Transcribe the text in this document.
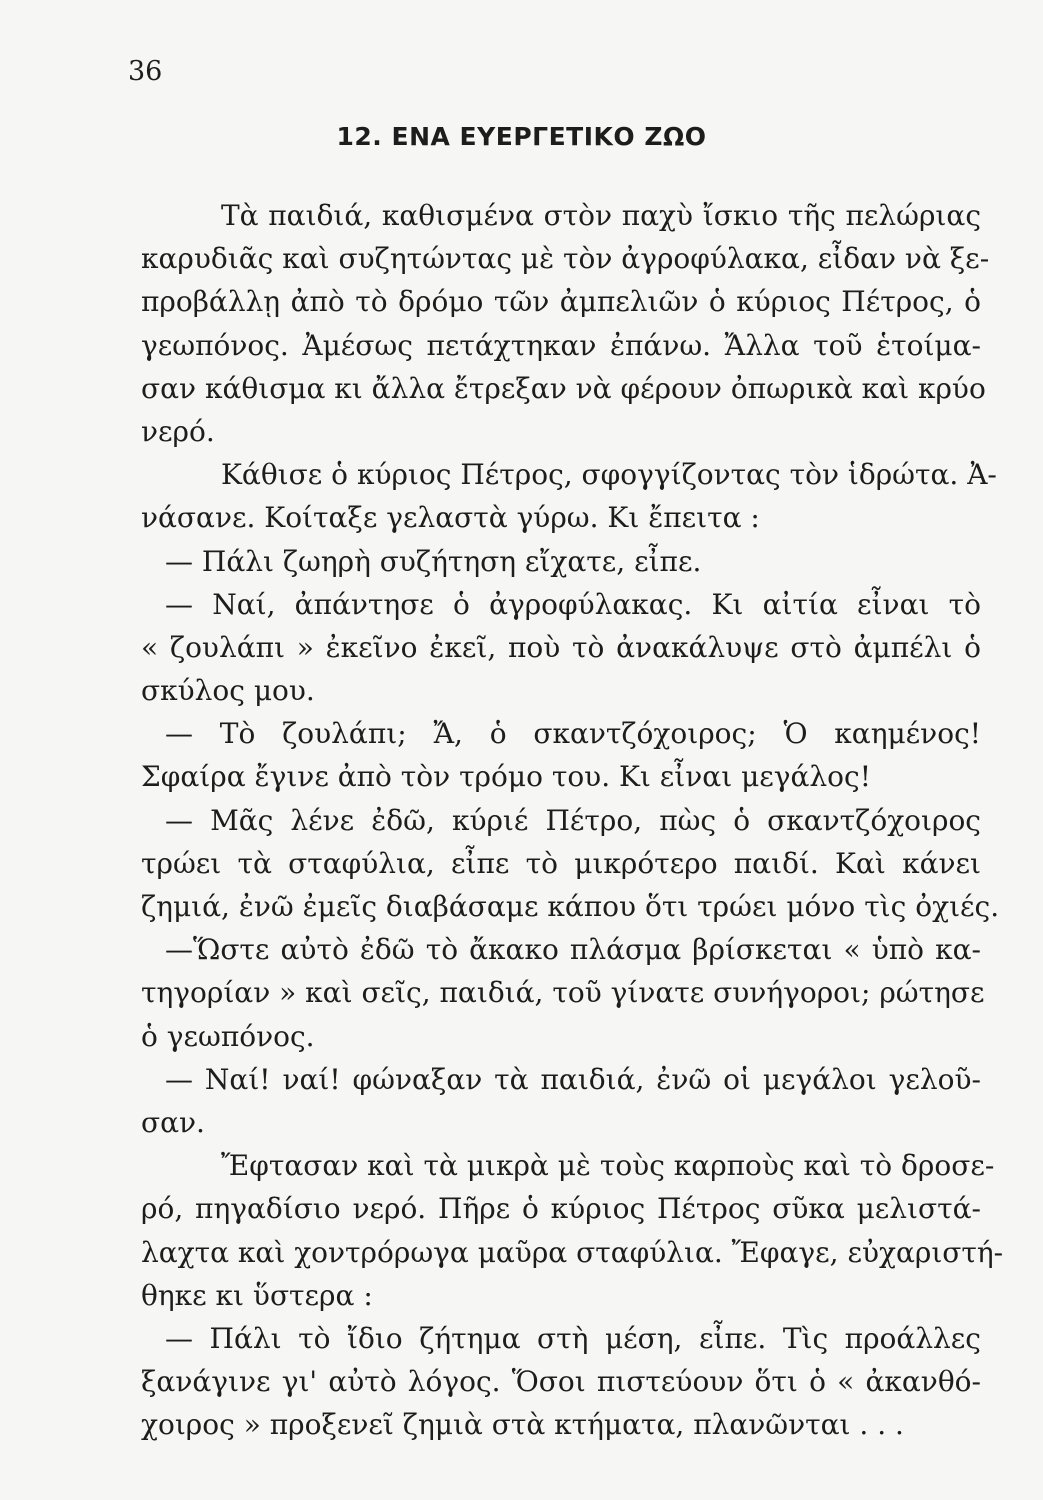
36
12. ΕΝΑ ΕΥΕΡΓΕΤΙΚΟ ΖΩΟ
Τὰ παιδιά, καθισμένα στὸν παχὺ ἴσκιο τῆς πελώριας
καρυδιᾶς καὶ συζητώντας μὲ τὸν ἀγροφύλακα, εἶδαν νὰ ξε-
προβάλλῃ ἀπὸ τὸ δρόμο τῶν ἀμπελιῶν ὁ κύριος Πέτρος, ὁ
γεωπόνος. Ἀμέσως πετάχτηκαν ἐπάνω. Ἄλλα τοῦ ἑτοίμα-
σαν κάθισμα κι ἄλλα ἔτρεξαν νὰ φέρουν ὀπωρικὰ καὶ κρύο
νερό.
Κάθισε ὁ κύριος Πέτρος, σφογγίζοντας τὸν ἱδρώτα. Ἀ-
νάσανε. Κοίταξε γελαστὰ γύρω. Κι ἔπειτα :
— Πάλι ζωηρὴ συζήτηση εἴχατε, εἶπε.
— Ναί, ἀπάντησε ὁ ἀγροφύλακας. Κι αἰτία εἶναι τὸ
« ζουλάπι » ἐκεῖνο ἐκεῖ, ποὺ τὸ ἀνακάλυψε στὸ ἀμπέλι ὁ
σκύλος μου.
— Τὸ ζουλάπι; Ἄ, ὁ σκαντζόχοιρος; Ὁ καημένος!
Σφαίρα ἔγινε ἀπὸ τὸν τρόμο του. Κι εἶναι μεγάλος!
— Μᾶς λένε ἐδῶ, κύριέ Πέτρο, πὼς ὁ σκαντζόχοιρος
τρώει τὰ σταφύλια, εἶπε τὸ μικρότερο παιδί. Καὶ κάνει
ζημιά, ἐνῶ ἐμεῖς διαβάσαμε κάπου ὅτι τρώει μόνο τὶς ὀχιές.
—Ὥστε αὐτὸ ἐδῶ τὸ ἄκακο πλάσμα βρίσκεται « ὑπὸ κα-
τηγορίαν » καὶ σεῖς, παιδιά, τοῦ γίνατε συνήγοροι; ρώτησε
ὁ γεωπόνος.
— Ναί! ναί! φώναξαν τὰ παιδιά, ἐνῶ οἱ μεγάλοι γελοῦ-
σαν.
Ἔφτασαν καὶ τὰ μικρὰ μὲ τοὺς καρποὺς καὶ τὸ δροσε-
ρό, πηγαδίσιο νερό. Πῆρε ὁ κύριος Πέτρος σῦκα μελιστά-
λαχτα καὶ χοντρόρωγα μαῦρα σταφύλια. Ἔφαγε, εὐχαριστή-
θηκε κι ὕστερα :
— Πάλι τὸ ἴδιο ζήτημα στὴ μέση, εἶπε. Τὶς προάλλες
ξανάγινε γι' αὐτὸ λόγος. Ὅσοι πιστεύουν ὅτι ὁ « ἀκανθό-
χοιρος » προξενεῖ ζημιὰ στὰ κτήματα, πλανῶνται . . .
